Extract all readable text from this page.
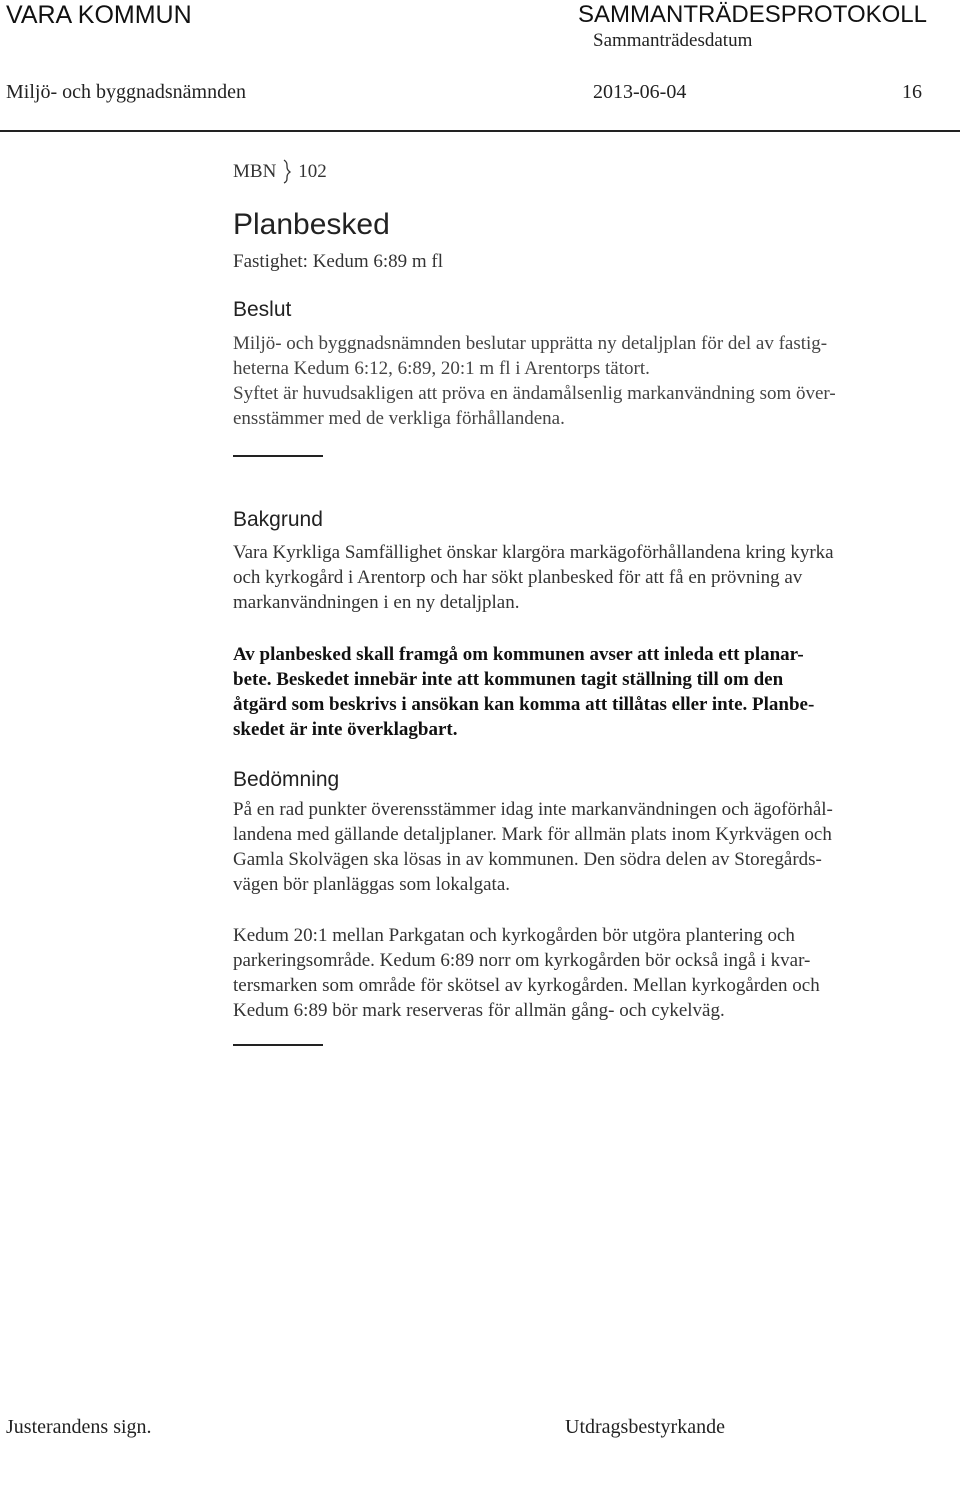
VARA KOMMUN	SAMMANTRÄDESPROTOKOLL
Sammanträdesdatum
Miljö- och byggnadsnämnden	2013-06-04	16
MBN 102
Planbesked
Fastighet: Kedum 6:89 m fl
Beslut
Miljö- och byggnadsnämnden beslutar upprätta ny detaljplan för del av fastig-
heterna Kedum 6:12, 6:89, 20:1 m fl i Arentorps tätort.
Syftet är huvudsakligen att pröva en ändamålsenlig markanvändning som över-
ensstämmer med de verkliga förhållandena.
Bakgrund
Vara Kyrkliga Samfällighet önskar klargöra markägoförhållandena kring kyrka
och kyrkogård i Arentorp och har sökt planbesked för att få en prövning av
markanvändningen i en ny detaljplan.
Av planbesked skall framgå om kommunen avser att inleda ett planar-
bete. Beskedet innebär inte att kommunen tagit ställning till om den
åtgärd som beskrivs i ansökan kan komma att tillåtas eller inte. Planbe-
skedet är inte överklagbart.
Bedömning
På en rad punkter överensstämmer idag inte markanvändningen och ägoförhål-
landena med gällande detaljplaner. Mark för allmän plats inom Kyrkvägen och
Gamla Skolvägen ska lösas in av kommunen. Den södra delen av Storegårds-
vägen bör planläggas som lokalgata.
Kedum 20:1 mellan Parkgatan och kyrkogården bör utgöra plantering och
parkeringsområde. Kedum 6:89 norr om kyrkogården bör också ingå i kvar-
tersmarken som område för skötsel av kyrkogården. Mellan kyrkogården och
Kedum 6:89 bör mark reserveras för allmän gång- och cykelväg.
Justerandens sign.	Utdragsbestyrkande
